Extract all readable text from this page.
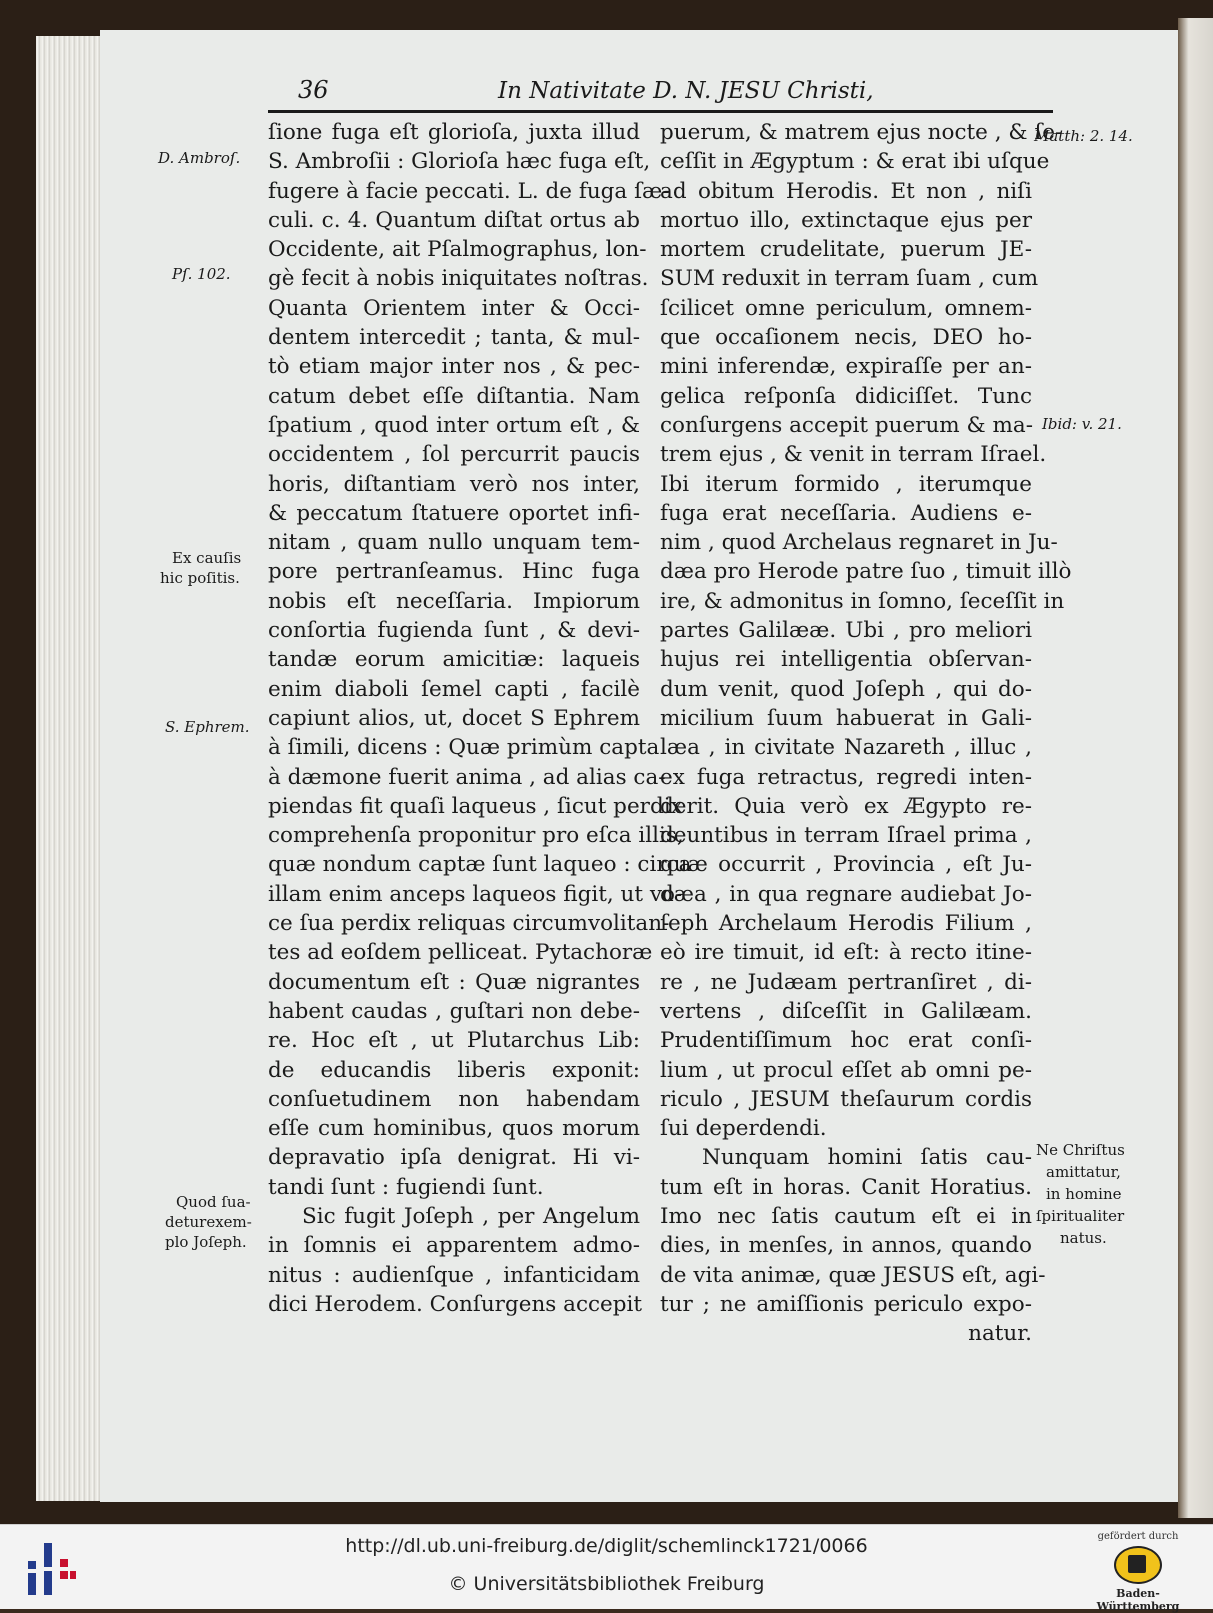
36	In Nativitate D. N. JESU Christi,
ſione fuga eſt glorioſa, juxta illud
S. Ambroſii : Glorioſa hæc fuga eſt,
fugere à facie peccati. L. de fuga ſæ-
culi. c. 4. Quantum diſtat ortus ab
Occidente, ait Pſalmographus, lon-
gè fecit à nobis iniquitates noſtras.
Quanta Orientem inter & Occi-
dentem intercedit ; tanta, & mul-
tò etiam major inter nos , & pec-
catum debet eſſe diſtantia. Nam
ſpatium , quod inter ortum eſt , &
occidentem , ſol percurrit paucis
horis, diſtantiam verò nos inter,
& peccatum ſtatuere oportet infi-
nitam , quam nullo unquam tem-
pore pertranſeamus. Hinc fuga
nobis eſt neceſſaria. Impiorum
conſortia fugienda ſunt , & devi-
tandæ eorum amicitiæ: laqueis
enim diaboli ſemel capti , facilè
capiunt alios, ut, docet S Ephrem
à ſimili, dicens : Quæ primùm capta
à dæmone fuerit anima , ad alias ca-
piendas fit quaſi laqueus , ſicut perdix
comprehenſa proponitur pro eſca illis,
quæ nondum captæ ſunt laqueo : circa
illam enim anceps laqueos figit, ut vo-
ce ſua perdix reliquas circumvolitan-
tes ad eoſdem pelliceat. Pytachoræ
documentum eſt : Quæ nigrantes
habent caudas , guſtari non debe-
re. Hoc eſt , ut Plutarchus Lib:
de educandis liberis exponit:
conſuetudinem non habendam
eſſe cum hominibus, quos morum
depravatio ipſa denigrat. Hi vi-
tandi ſunt : fugiendi ſunt.
Sic fugit Joſeph , per Angelum
in ſomnis ei apparentem admo-
nitus : audienſque , infanticidam
dici Herodem. Conſurgens accepit
puerum, & matrem ejus nocte , & ſe-
ceſſit in Ægyptum : & erat ibi uſque
ad obitum Herodis. Et non , niſi
mortuo illo, extinctaque ejus per
mortem crudelitate, puerum JE-
SUM reduxit in terram ſuam , cum
ſcilicet omne periculum, omnem-
que occaſionem necis, DEO ho-
mini inferendæ, expiraſſe per an-
gelica reſponſa didiciſſet. Tunc
conſurgens accepit puerum & ma-
trem ejus , & venit in terram Iſrael.
Ibi iterum formido , iterumque
fuga erat neceſſaria. Audiens e-
nim , quod Archelaus regnaret in Ju-
dæa pro Herode patre ſuo , timuit illò
ire, & admonitus in ſomno, ſeceſſit in
partes Galilææ. Ubi , pro meliori
hujus rei intelligentia obſervan-
dum venit, quod Joſeph , qui do-
micilium ſuum habuerat in Gali-
læa , in civitate Nazareth , illuc ,
ex fuga retractus, regredi inten-
derit. Quia verò ex Ægypto re-
deuntibus in terram Iſrael prima ,
quæ occurrit , Provincia , eſt Ju-
dæa , in qua regnare audiebat Jo-
ſeph Archelaum Herodis Filium ,
eò ire timuit, id eſt: à recto itine-
re , ne Judæam pertranſiret , di-
vertens , diſceſſit in Galilæam.
Prudentiſſimum hoc erat conſi-
lium , ut procul eſſet ab omni pe-
riculo , JESUM theſaurum cordis
ſui deperdendi.
Nunquam homini ſatis cau-
tum eſt in horas. Canit Horatius.
Imo nec ſatis cautum eſt ei in
dies, in menſes, in annos, quando
de vita animæ, quæ JESUS eſt, agi-
tur ; ne amiſſionis periculo expo-
natur.
D. Ambroſ.
Pſ. 102.
Ex cauſis
hic poſitis.
S. Ephrem.
Quod ſua-
deturexem-
plo Joſeph.
Matth: 2. 14.
Ibid: v. 21.
Ne Chriſtus
amittatur,
in homine
ſpiritualiter
natus.
http://dl.ub.uni-freiburg.de/diglit/schemlinck1721/0066
© Universitätsbibliothek Freiburg
gefördert durch
Baden-Württemberg
